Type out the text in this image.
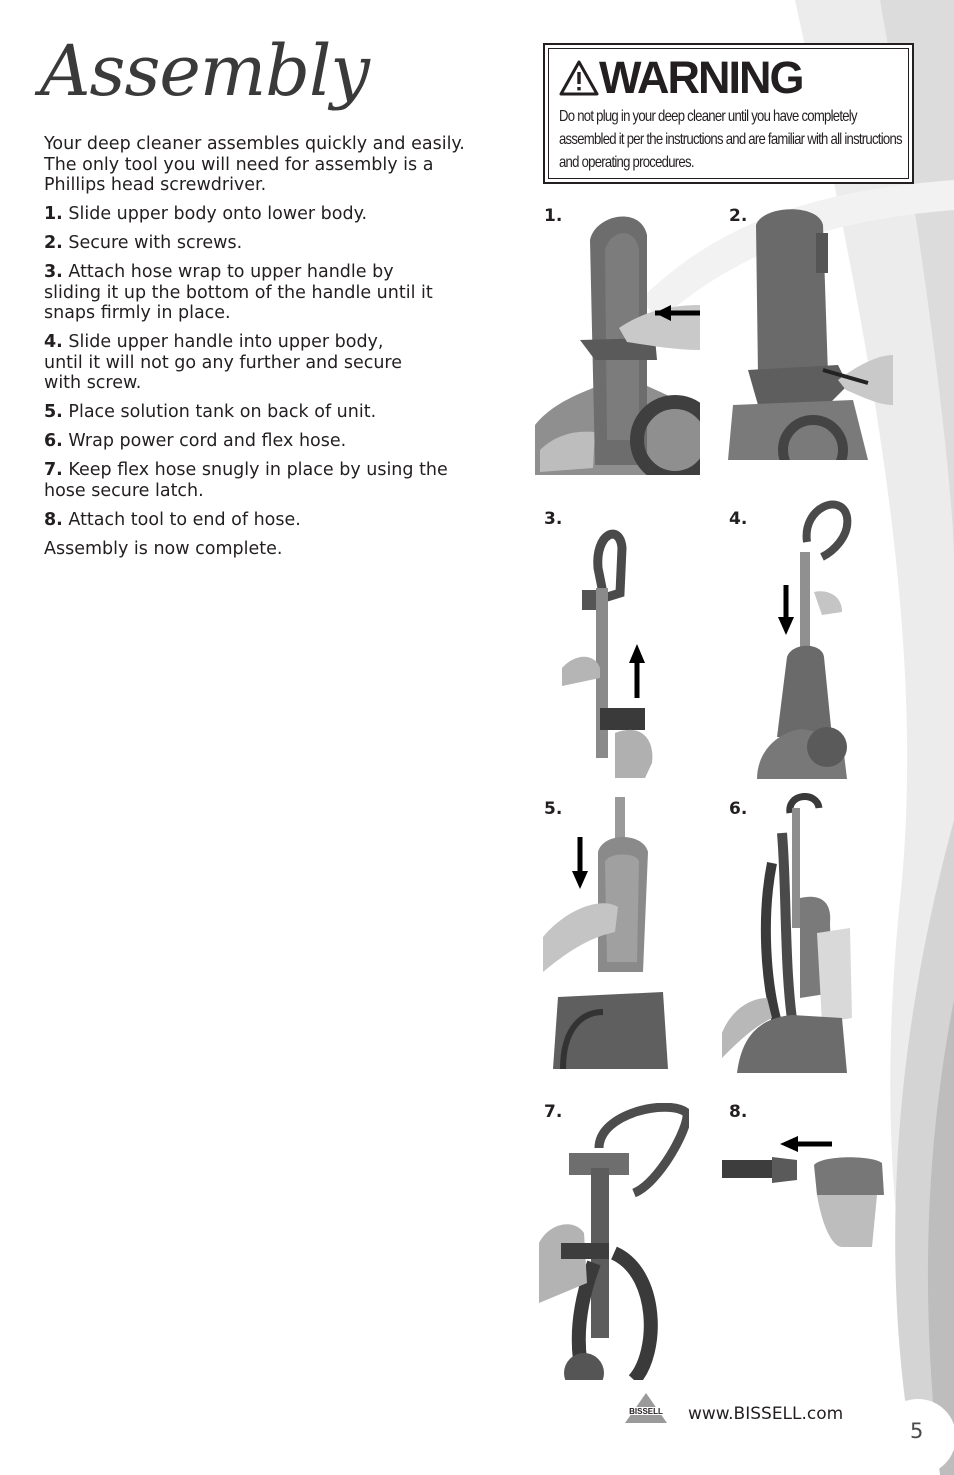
Assembly
Your deep cleaner assembles quickly and easily. The only tool you will need for assembly is a Phillips head screwdriver.
1. Slide upper body onto lower body.
2. Secure with screws.
3. Attach hose wrap to upper handle by sliding it up the bottom of the handle until it snaps firmly in place.
4. Slide upper handle into upper body, until it will not go any further and secure with screw.
5. Place solution tank on back of unit.
6. Wrap power cord and flex hose.
7. Keep flex hose snugly in place by using the hose secure latch.
8. Attach tool to end of hose.
Assembly is now complete.
WARNING
Do not plug in your deep cleaner until you have completely assembled it per the instructions and are familiar with all instructions and operating procedures.
1.	2.
3.	4.
5.	6.
7.	8.
BISSELL www.BISSELL.com
5
